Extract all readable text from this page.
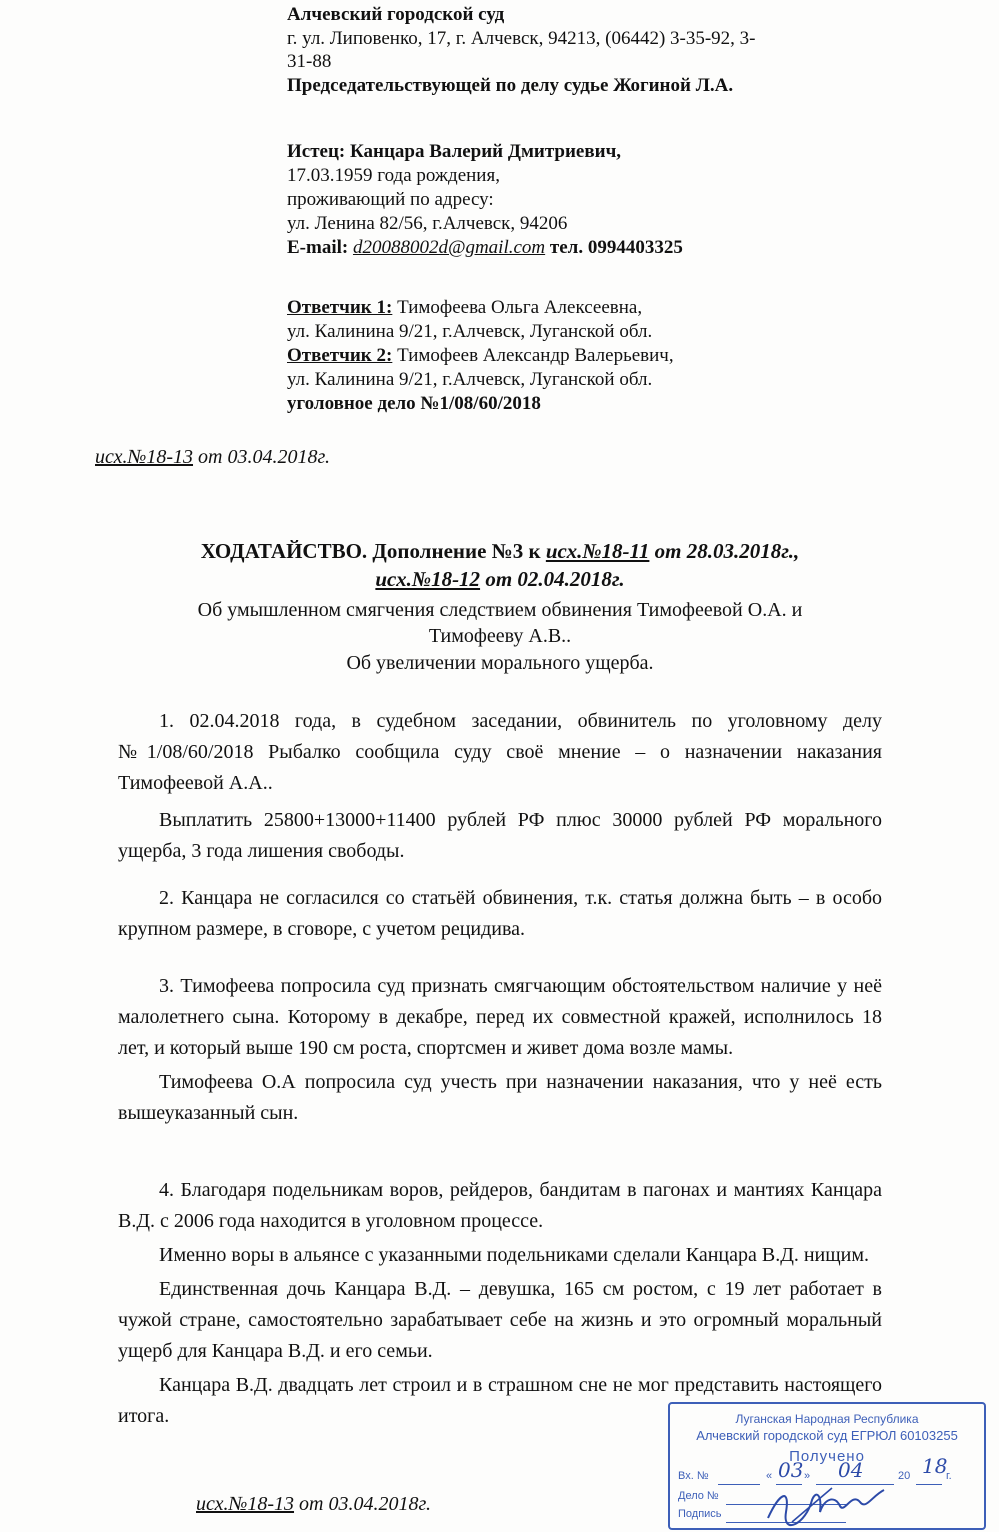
Алчевский городской суд
г. ул. Липовенко, 17, г. Алчевск, 94213, (06442) 3-35-92, 3-
31-88
Председательствующей по делу судье Жогиной Л.А.
Истец: Канцара Валерий Дмитриевич,
17.03.1959 года рождения,
проживающий по адресу:
ул. Ленина 82/56, г.Алчевск, 94206
E-mail: d20088002d@gmail.com тел. 0994403325
Ответчик 1: Тимофеева Ольга Алексеевна,
ул. Калинина 9/21, г.Алчевск, Луганской обл.
Ответчик 2: Тимофеев Александр Валерьевич,
ул. Калинина 9/21, г.Алчевск, Луганской обл.
уголовное дело №1/08/60/2018
исх.№18-13 от 03.04.2018г.
ХОДАТАЙСТВО. Дополнение №3 к исх.№18-11 от 28.03.2018г.,
исх.№18-12 от 02.04.2018г.
Об умышленном смягчения следствием обвинения Тимофеевой О.А. и
Тимофееву А.В..
Об увеличении морального ущерба.

1. 02.04.2018 года, в судебном заседании, обвинитель по уголовному делу №1/08/60/2018 Рыбалко сообщила суду своё мнение – о назначении наказания Тимофеевой А.А..

Выплатить 25800+13000+11400 рублей РФ плюс 30000 рублей РФ морального ущерба, 3 года лишения свободы.

2. Канцара не согласился со статьёй обвинения, т.к. статья должна быть – в особо крупном размере, в сговоре, с учетом рецидива.

3. Тимофеева попросила суд признать смягчающим обстоятельством наличие у неё малолетнего сына. Которому в декабре, перед их совместной кражей, исполнилось 18 лет, и который выше 190 см роста, спортсмен и живет дома возле мамы.

Тимофеева О.А попросила суд учесть при назначении наказания, что у неё есть вышеуказанный сын.

4. Благодаря подельникам воров, рейдеров, бандитам в пагонах и мантиях Канцара В.Д. с 2006 года находится в уголовном процессе.

Именно воры в альянсе с указанными подельниками сделали Канцара В.Д. нищим.

Единственная дочь Канцара В.Д. – девушка, 165 см ростом, с 19 лет работает в чужой стране, самостоятельно зарабатывает себе на жизнь и это огромный моральный ущерб для Канцара В.Д. и его семьи.

Канцара В.Д. двадцать лет строил и в страшном сне не мог представить настоящего итога.

исх.№18-13 от 03.04.2018г.
Луганская Народная Республика
Алчевский городской суд ЕГРЮЛ 60103255
Получено
Вх. №	«	»	20	г.
Дело №
Подпись
03 04	18
